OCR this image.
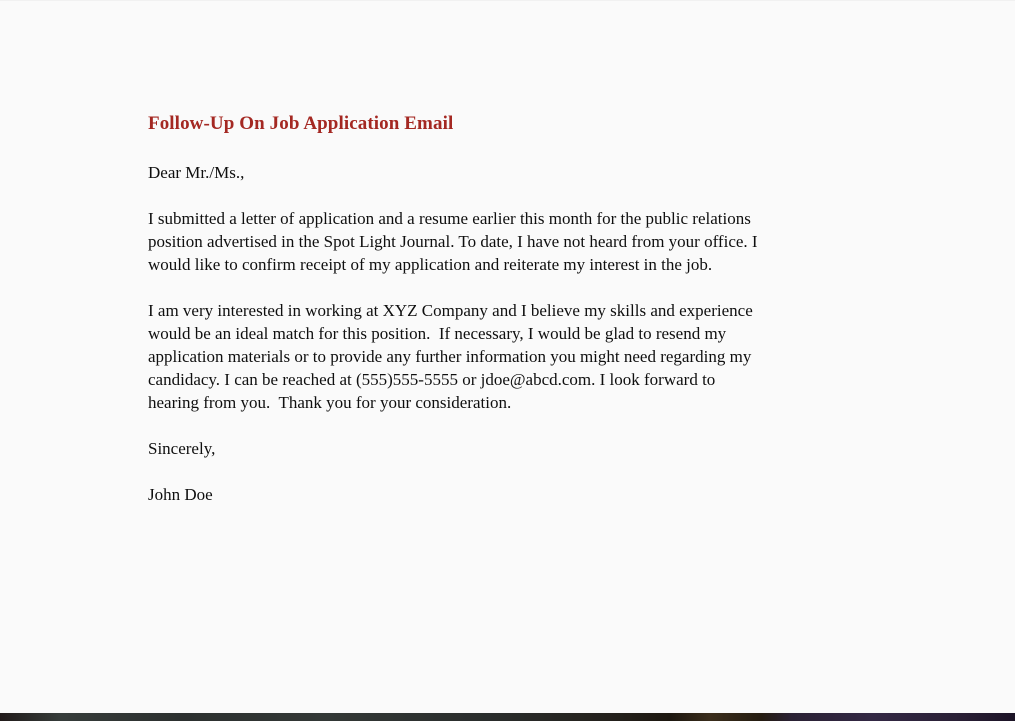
Follow-Up On Job Application Email

Dear Mr./Ms.,

I submitted a letter of application and a resume earlier this month for the public relations

position advertised in the Spot Light Journal. To date, I have not heard from your office. I

would like to confirm receipt of my application and reiterate my interest in the job.

I am very interested in working at XYZ Company and I believe my skills and experience

would be an ideal match for this position.  If necessary, I would be glad to resend my

application materials or to provide any further information you might need regarding my

candidacy. I can be reached at (555)555-5555 or jdoe@abcd.com. I look forward to

hearing from you.  Thank you for your consideration.

Sincerely,

John Doe
